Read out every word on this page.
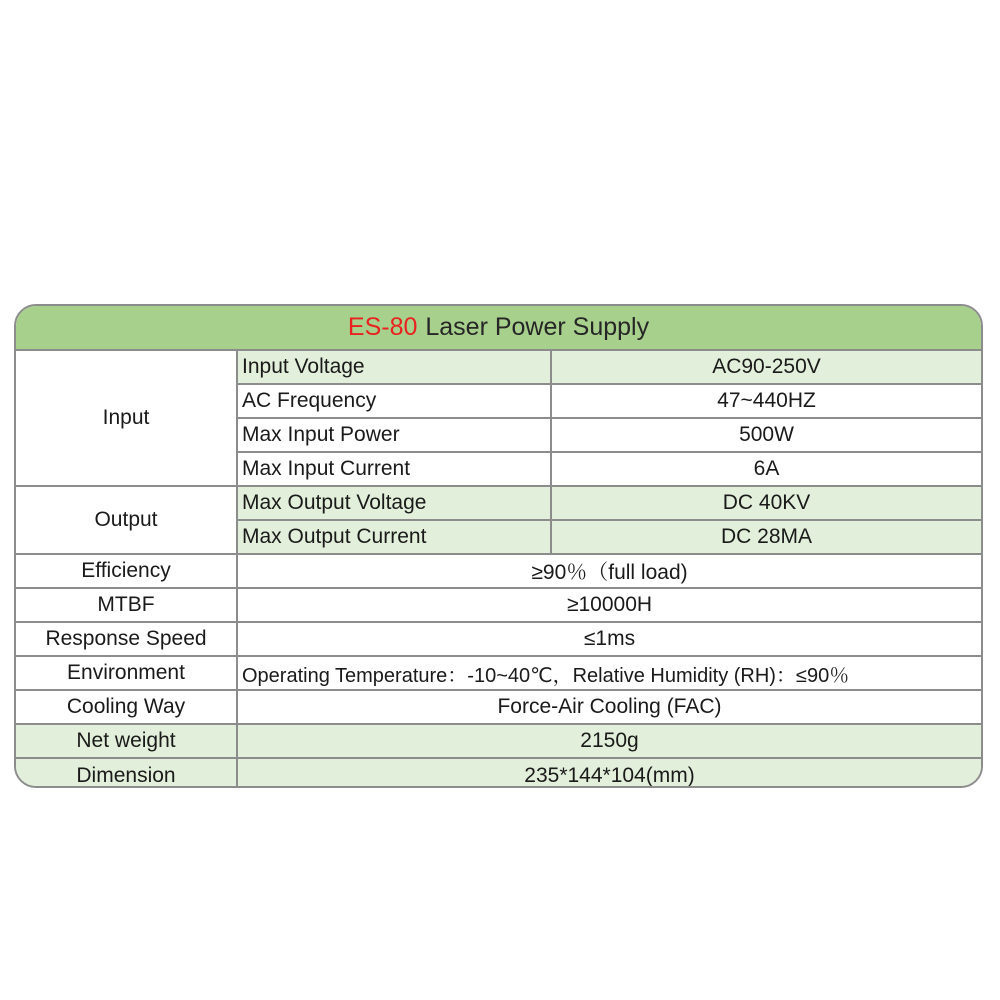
ES-80 Laser Power Supply
Input
Input Voltage	AC90-250V
AC Frequency	47~440HZ
Max Input Power	500W
Max Input Current	6A
Output
Max Output Voltage	DC 40KV
Max Output Current	DC 28MA
Efficiency	≥90％（full load)
MTBF	≥10000H
Response Speed	≤1ms
Environment	Operating Temperature：-10~40℃，Relative Humidity (RH)：≤90％
Cooling Way	Force-Air Cooling (FAC)
Net weight	2150g
Dimension	235*144*104(mm)
